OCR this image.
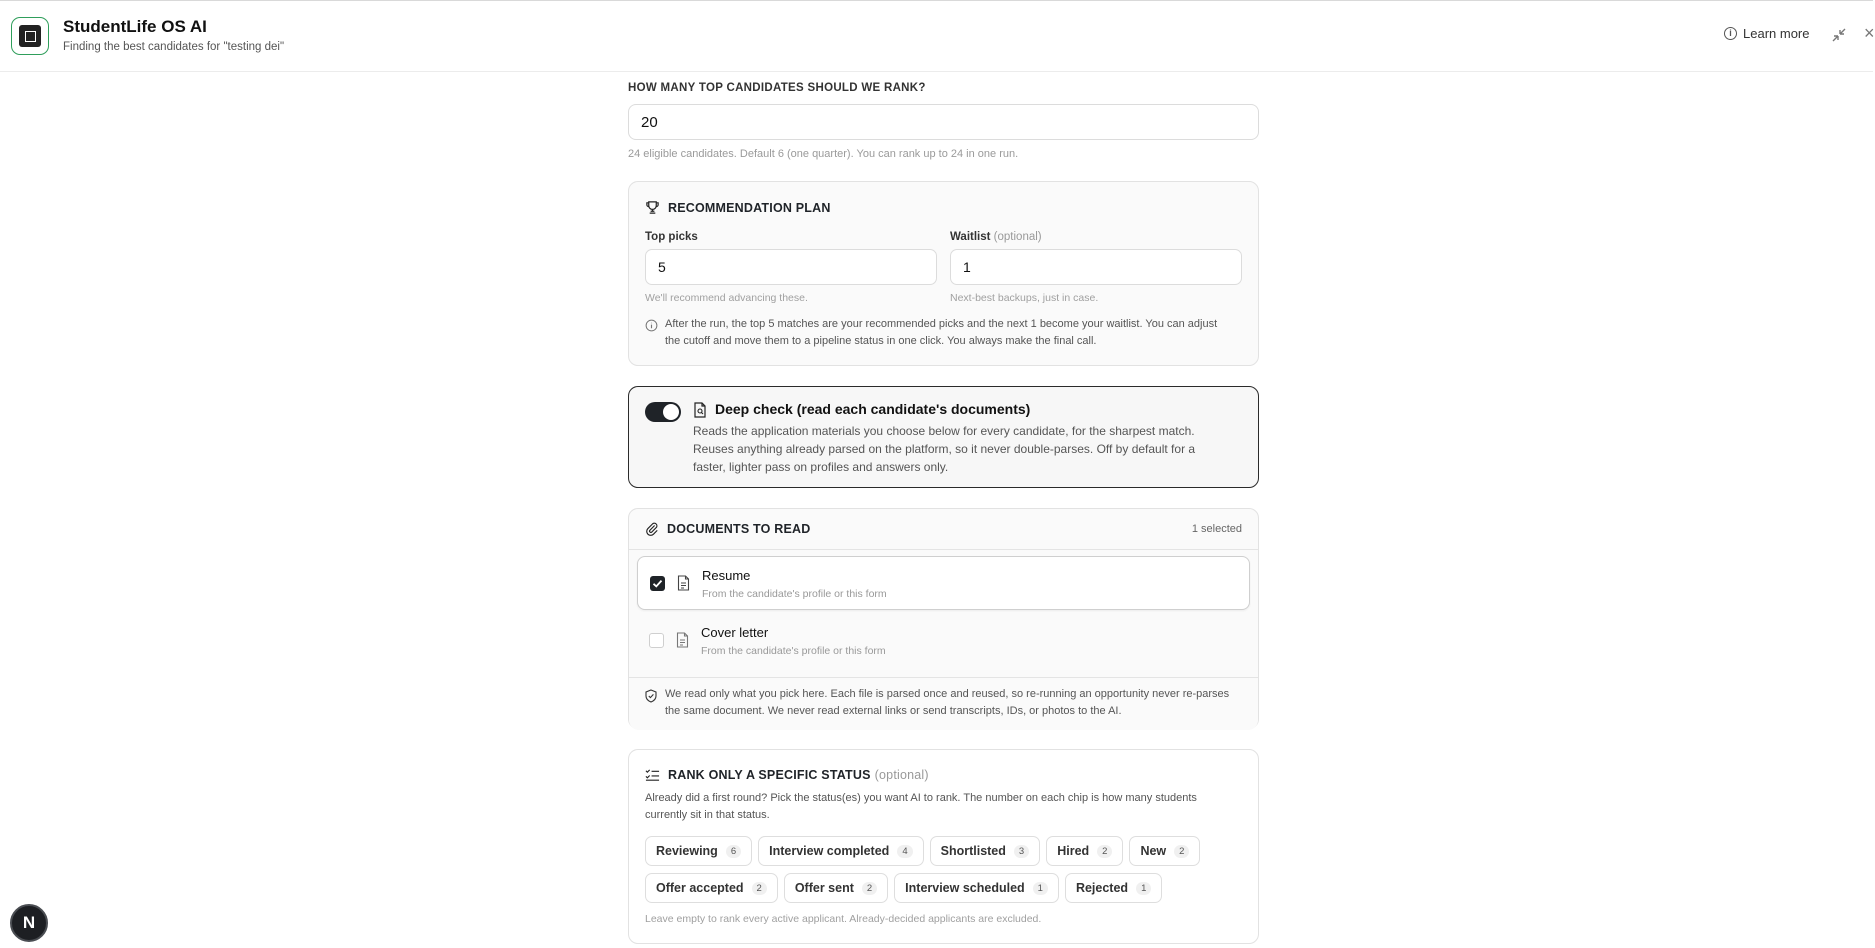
StudentLife OS AI
Finding the best candidates for "testing dei"
i Learn more	×
HOW MANY TOP CANDIDATES SHOULD WE RANK?
20
24 eligible candidates. Default 6 (one quarter). You can rank up to 24 in one run.
RECOMMENDATION PLAN
Top picks
5
We'll recommend advancing these.
Waitlist (optional)
1
Next-best backups, just in case.
After the run, the top 5 matches are your recommended picks and the next 1 become your waitlist. You can adjust
the cutoff and move them to a pipeline status in one click. You always make the final call.
Deep check (read each candidate's documents)
Reads the application materials you choose below for every candidate, for the sharpest match.
Reuses anything already parsed on the platform, so it never double-parses. Off by default for a
faster, lighter pass on profiles and answers only.
DOCUMENTS TO READ	1 selected
Resume
From the candidate's profile or this form
Cover letter
From the candidate's profile or this form
We read only what you pick here. Each file is parsed once and reused, so re-running an opportunity never re-parses
the same document. We never read external links or send transcripts, IDs, or photos to the AI.
RANK ONLY A SPECIFIC STATUS (optional)
Already did a first round? Pick the status(es) you want AI to rank. The number on each chip is how many students
currently sit in that status.
Reviewing	6	Interview completed	4	Shortlisted	3	Hired	2	New	2
Offer accepted	2	Offer sent	2	Interview scheduled	1	Rejected	1
Leave empty to rank every active applicant. Already-decided applicants are excluded.
N
